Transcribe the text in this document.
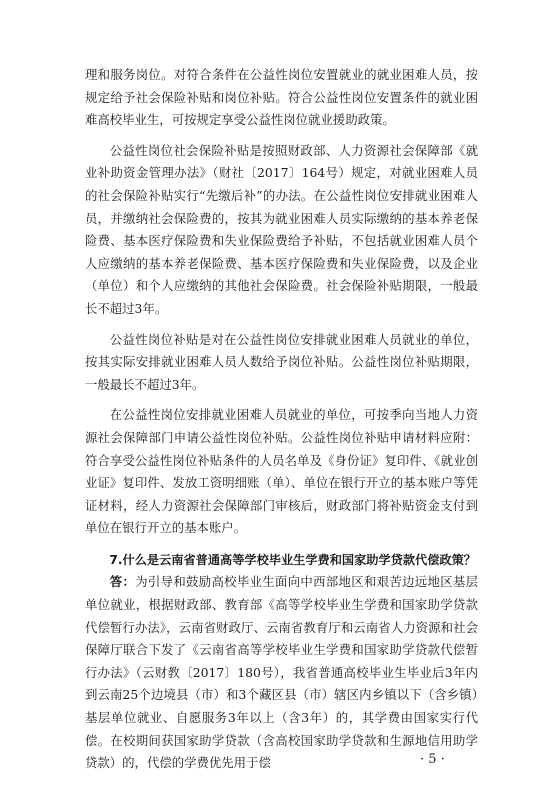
理和服务岗位。对符合条件在公益性岗位安置就业的就业困难人员，按规定给予社会保险补贴和岗位补贴。符合公益性岗位安置条件的就业困难高校毕业生，可按规定享受公益性岗位就业援助政策。

公益性岗位社会保险补贴是按照财政部、人力资源社会保障部《就业补助资金管理办法》（财社〔2017〕164号）规定，对就业困难人员的社会保险补贴实行“先缴后补”的办法。在公益性岗位安排就业困难人员，并缴纳社会保险费的，按其为就业困难人员实际缴纳的基本养老保险费、基本医疗保险费和失业保险费给予补贴，不包括就业困难人员个人应缴纳的基本养老保险费、基本医疗保险费和失业保险费，以及企业（单位）和个人应缴纳的其他社会保险费。社会保险补贴期限，一般最长不超过3年。

公益性岗位补贴是对在公益性岗位安排就业困难人员就业的单位，按其实际安排就业困难人员人数给予岗位补贴。公益性岗位补贴期限，一般最长不超过3年。

在公益性岗位安排就业困难人员就业的单位，可按季向当地人力资源社会保障部门申请公益性岗位补贴。公益性岗位补贴申请材料应附：符合享受公益性岗位补贴条件的人员名单及《身份证》复印件、《就业创业证》复印件、发放工资明细账（单）、单位在银行开立的基本账户等凭证材料，经人力资源社会保障部门审核后，财政部门将补贴资金支付到单位在银行开立的基本账户。

7.什么是云南省普通高等学校毕业生学费和国家助学贷款代偿政策？

答：为引导和鼓励高校毕业生面向中西部地区和艰苦边远地区基层单位就业，根据财政部、教育部《高等学校毕业生学费和国家助学贷款代偿暂行办法》，云南省财政厅、云南省教育厅和云南省人力资源和社会保障厅联合下发了《云南省高等学校毕业生学费和国家助学贷款代偿暂行办法》（云财教〔2017〕180号），我省普通高校毕业生毕业后3年内到云南25个边境县（市）和3个藏区县（市）辖区内乡镇以下（含乡镇）基层单位就业、自愿服务3年以上（含3年）的，其学费由国家实行代偿。在校期间获国家助学贷款（含高校国家助学贷款和生源地信用助学贷款）的，代偿的学费优先用于偿	· 5 ·
